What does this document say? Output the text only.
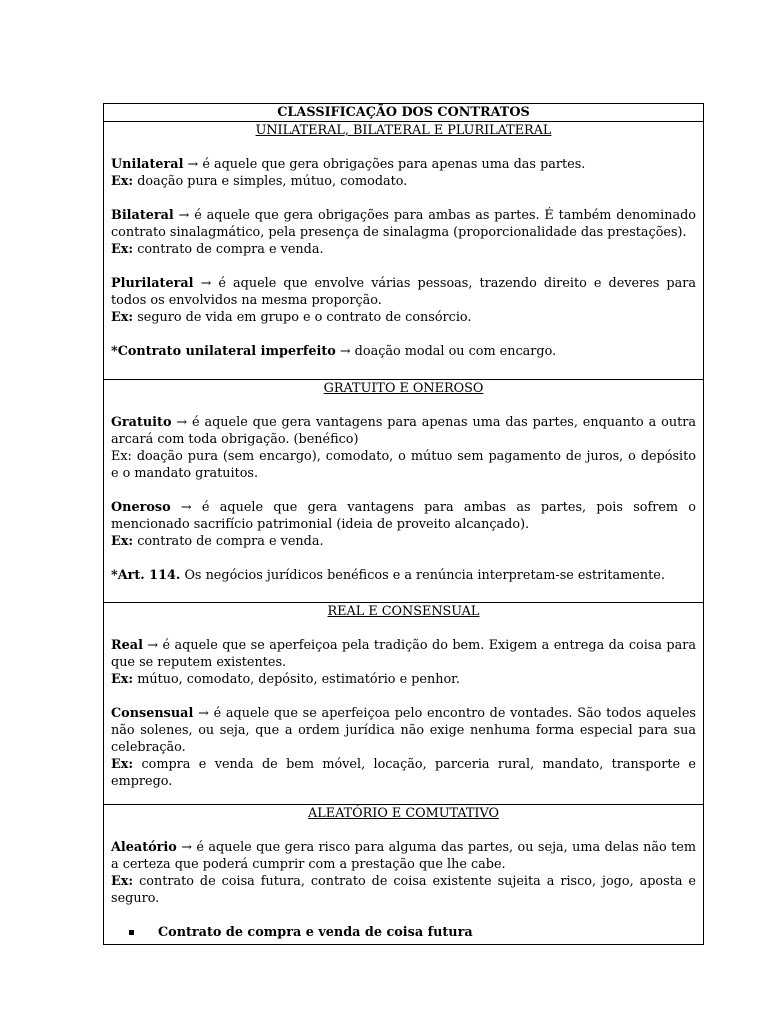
CLASSIFICAÇÃO DOS CONTRATOS
UNILATERAL, BILATERAL E PLURILATERAL

Unilateral → é aquele que gera obrigações para apenas uma das partes.

Ex: doação pura e simples, mútuo, comodato.

Bilateral → é aquele que gera obrigações para ambas as partes. É também denominado

contrato sinalagmático, pela presença de sinalagma (proporcionalidade das prestações).

Ex: contrato de compra e venda.

Plurilateral → é aquele que envolve várias pessoas, trazendo direito e deveres para

todos os envolvidos na mesma proporção.

Ex: seguro de vida em grupo e o contrato de consórcio.

*Contrato unilateral imperfeito → doação modal ou com encargo.

GRATUITO E ONEROSO

Gratuito → é aquele que gera vantagens para apenas uma das partes, enquanto a outra

arcará com toda obrigação. (benéfico)

Ex: doação pura (sem encargo), comodato, o mútuo sem pagamento de juros, o depósito

e o mandato gratuitos.

Oneroso → é aquele que gera vantagens para ambas as partes, pois sofrem o

mencionado sacrifício patrimonial (ideia de proveito alcançado).

Ex: contrato de compra e venda.

*Art. 114. Os negócios jurídicos benéficos e a renúncia interpretam-se estritamente.

REAL E CONSENSUAL

Real → é aquele que se aperfeiçoa pela tradição do bem. Exigem a entrega da coisa para

que se reputem existentes.

Ex: mútuo, comodato, depósito, estimatório e penhor.

Consensual → é aquele que se aperfeiçoa pelo encontro de vontades. São todos aqueles

não solenes, ou seja, que a ordem jurídica não exige nenhuma forma especial para sua

celebração.

Ex: compra e venda de bem móvel, locação, parceria rural, mandato, transporte e

emprego.

ALEATÓRIO E COMUTATIVO

Aleatório → é aquele que gera risco para alguma das partes, ou seja, uma delas não tem

a certeza que poderá cumprir com a prestação que lhe cabe.

Ex: contrato de coisa futura, contrato de coisa existente sujeita a risco, jogo, aposta e

seguro.

Contrato de compra e venda de coisa futura
